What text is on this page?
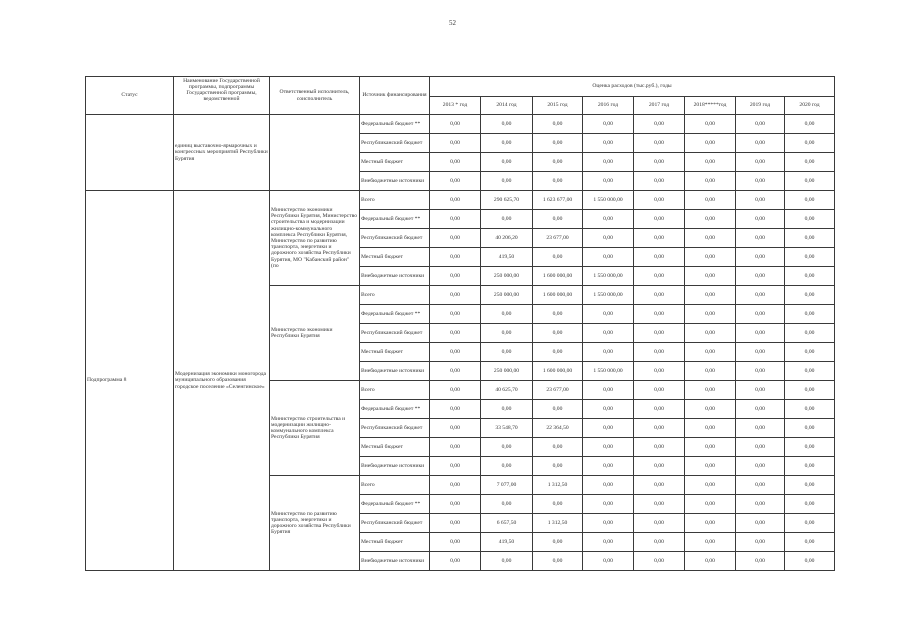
52
Статус	Наименование Государственной программы, подпрограммы Государственной программы, ведомственной	Ответственный исполнитель, соисполнитель	Источник финансирования	Оценка расходов (тыс.руб.), годы							
				2013 * год	2014 год	2015 год	2016 год	2017 год	2018*****год	2019 год	2020 год
	единиц выставочно-ярмарочных и конгрессных мероприятий Республики Бурятия		Федеральный бюджет **	0,00	0,00	0,00	0,00	0,00	0,00	0,00	0,00
			Республиканский бюджет	0,00	0,00	0,00	0,00	0,00	0,00	0,00	0,00
			Местный бюджет	0,00	0,00	0,00	0,00	0,00	0,00	0,00	0,00
			Внебюджетные источники	0,00	0,00	0,00	0,00	0,00	0,00	0,00	0,00
Подпрограмма 8	Модернизация экономики моногорода муниципального образования городское поселение «Селенгинское»	Министерство экономики Республики Бурятия, Министерство строительства и модернизации жилищно-коммунального комплекса Республики Бурятия, Министерство по развитию транспорта, энергетики и дорожного хозяйства Республики Бурятия, МО "Кабанский район" (по	Всего	0,00	290 625,70	1 623 677,00	1 550 000,00	0,00	0,00	0,00	0,00
			Федеральный бюджет **	0,00	0,00	0,00	0,00	0,00	0,00	0,00	0,00
			Республиканский бюджет	0,00	40 206,20	23 677,00	0,00	0,00	0,00	0,00	0,00
			Местный бюджет	0,00	419,50	0,00	0,00	0,00	0,00	0,00	0,00
			Внебюджетные источники	0,00	250 000,00	1 600 000,00	1 550 000,00	0,00	0,00	0,00	0,00
		Министерство экономики Республики Бурятия	Всего	0,00	250 000,00	1 600 000,00	1 550 000,00	0,00	0,00	0,00	0,00
			Федеральный бюджет **	0,00	0,00	0,00	0,00	0,00	0,00	0,00	0,00
			Республиканский бюджет	0,00	0,00	0,00	0,00	0,00	0,00	0,00	0,00
			Местный бюджет	0,00	0,00	0,00	0,00	0,00	0,00	0,00	0,00
			Внебюджетные источники	0,00	250 000,00	1 600 000,00	1 550 000,00	0,00	0,00	0,00	0,00
		Министерство строительства и модернизации жилищно-коммунального комплекса Республики Бурятия	Всего	0,00	40 625,70	23 677,00	0,00	0,00	0,00	0,00	0,00
			Федеральный бюджет **	0,00	0,00	0,00	0,00	0,00	0,00	0,00	0,00
			Республиканский бюджет	0,00	33 548,70	22 364,50	0,00	0,00	0,00	0,00	0,00
			Местный бюджет	0,00	0,00	0,00	0,00	0,00	0,00	0,00	0,00
			Внебюджетные источники	0,00	0,00	0,00	0,00	0,00	0,00	0,00	0,00
		Министерство по развитию транспорта, энергетики и дорожного хозяйства Республики Бурятия	Всего	0,00	7 077,00	1 312,50	0,00	0,00	0,00	0,00	0,00
			Федеральный бюджет **	0,00	0,00	0,00	0,00	0,00	0,00	0,00	0,00
			Республиканский бюджет	0,00	6 657,50	1 312,50	0,00	0,00	0,00	0,00	0,00
			Местный бюджет	0,00	419,50	0,00	0,00	0,00	0,00	0,00	0,00
			Внебюджетные источники	0,00	0,00	0,00	0,00	0,00	0,00	0,00	0,00
